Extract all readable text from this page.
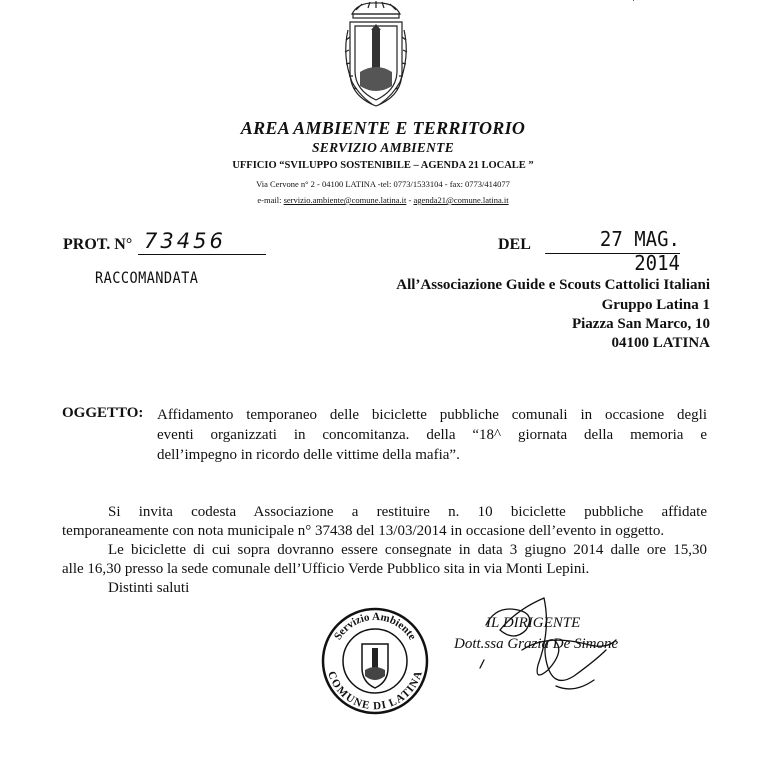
AREA AMBIENTE E TERRITORIO
SERVIZIO AMBIENTE
UFFICIO “SVILUPPO SOSTENIBILE – AGENDA 21 LOCALE ”
Via Cervone n° 2 - 04100 LATINA -tel: 0773/1533104 - fax: 0773/414077
e-mail: servizio.ambiente@comune.latina.it - agenda21@comune.latina.it
PROT. N° 73456
RACCOMANDATA
DEL	27 MAG. 2014
All’Associazione Guide e Scouts Cattolici Italiani
Gruppo Latina 1
Piazza San Marco, 10
04100 LATINA
OGGETTO: Affidamento temporaneo delle biciclette pubbliche comunali in occasione degli
eventi organizzati in concomitanza. della “18^ giornata della memoria e
dell’impegno in ricordo delle vittime della mafia”.
Si invita codesta Associazione a restituire n. 10 biciclette pubbliche affidate
temporaneamente con nota municipale n° 37438 del 13/03/2014 in occasione dell’evento in oggetto.
Le biciclette di cui sopra dovranno essere consegnate in data 3 giugno 2014 dalle ore 15,30
alle 16,30 presso la sede comunale dell’Ufficio Verde Pubblico sita in via Monti Lepini.
Distinti saluti
Servizio Ambiente
COMUNE DI LATINA
IL DIRIGENTE
Dott.ssa Grazia De Simone
